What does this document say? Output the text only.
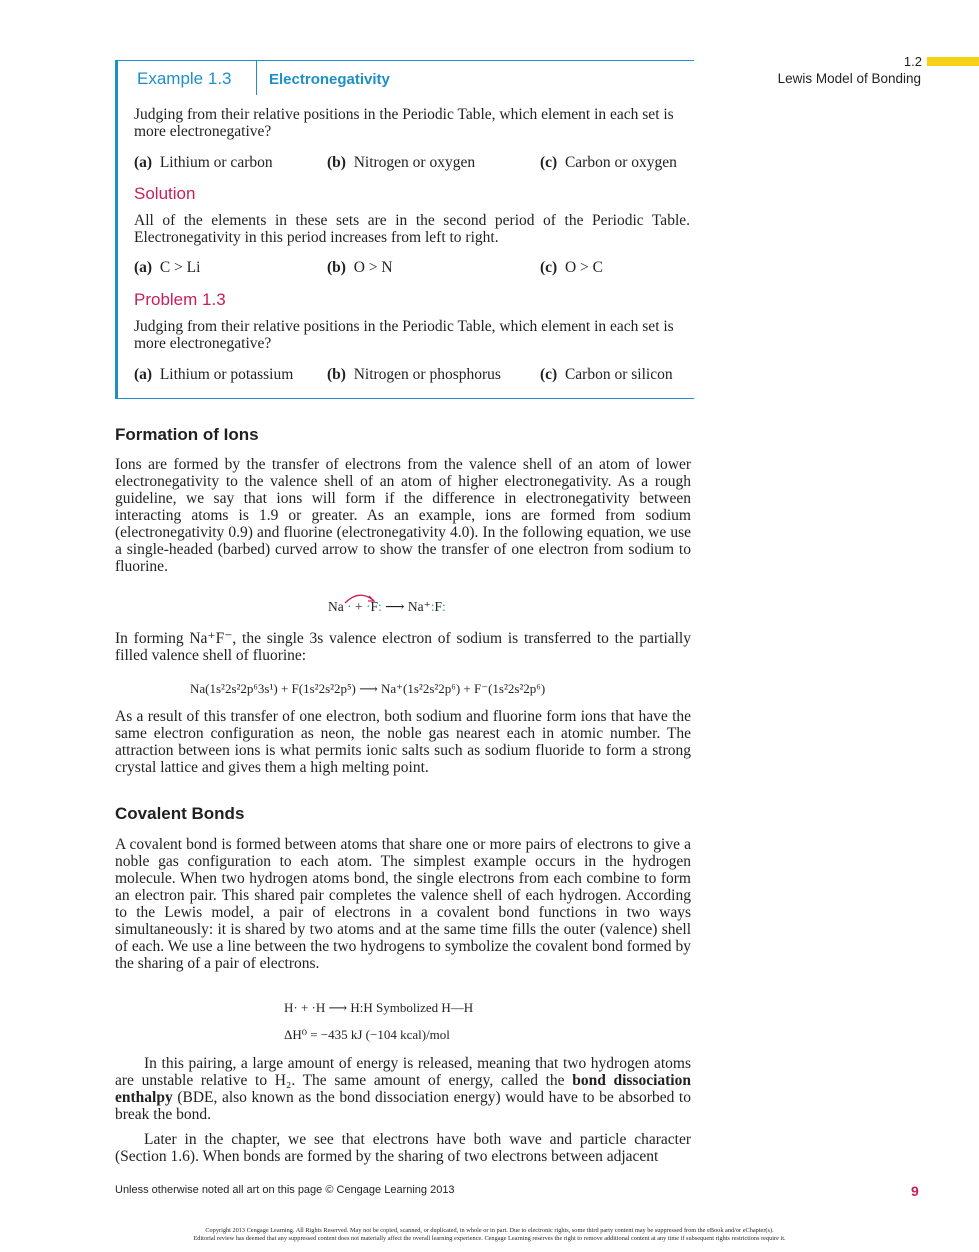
1.2
Lewis Model of Bonding
Example 1.3	Electronegativity
Judging from their relative positions in the Periodic Table, which element in each set is more electronegative?
(a) Lithium or carbon	(b) Nitrogen or oxygen	(c) Carbon or oxygen
Solution
All of the elements in these sets are in the second period of the Periodic Table. Electronegativity in this period increases from left to right.
(a) C > Li	(b) O > N	(c) O > C
Problem 1.3
Judging from their relative positions in the Periodic Table, which element in each set is more electronegative?
(a) Lithium or potassium (b) Nitrogen or phosphorus	(c) Carbon or silicon
Formation of Ions
Ions are formed by the transfer of electrons from the valence shell of an atom of lower electronegativity to the valence shell of an atom of higher electronegativity. As a rough guideline, we say that ions will form if the difference in electronegativity between interacting atoms is 1.9 or greater. As an example, ions are formed from sodium (electronegativity 0.9) and fluorine (electronegativity 4.0). In the following equation, we use a single-headed (barbed) curved arrow to show the transfer of one electron from sodium to fluorine.
Na · + ·F: ⟶ Na⁺:F:
In forming Na⁺F⁻, the single 3s valence electron of sodium is transferred to the partially filled valence shell of fluorine:
Na(1s²2s²2p⁶3s¹) + F(1s²2s²2p⁵) ⟶ Na⁺(1s²2s²2p⁶) + F⁻(1s²2s²2p⁶)
As a result of this transfer of one electron, both sodium and fluorine form ions that have the same electron configuration as neon, the noble gas nearest each in atomic number. The attraction between ions is what permits ionic salts such as sodium fluoride to form a strong crystal lattice and gives them a high melting point.
Covalent Bonds
A covalent bond is formed between atoms that share one or more pairs of electrons to give a noble gas configuration to each atom. The simplest example occurs in the hydrogen molecule. When two hydrogen atoms bond, the single electrons from each combine to form an electron pair. This shared pair completes the valence shell of each hydrogen. According to the Lewis model, a pair of electrons in a covalent bond functions in two ways simultaneously: it is shared by two atoms and at the same time fills the outer (valence) shell of each. We use a line between the two hydrogens to symbolize the covalent bond formed by the sharing of a pair of electrons.
H· + ·H ⟶ H:H Symbolized H—H
ΔH⁰ = −435 kJ (−104 kcal)/mol
In this pairing, a large amount of energy is released, meaning that two hydrogen atoms are unstable relative to H₂. The same amount of energy, called the bond dissociation enthalpy (BDE, also known as the bond dissociation energy) would have to be absorbed to break the bond.
Later in the chapter, we see that electrons have both wave and particle character (Section 1.6). When bonds are formed by the sharing of two electrons between adjacent
Unless otherwise noted all art on this page © Cengage Learning 2013	9
Copyright 2013 Cengage Learning. All Rights Reserved. May not be copied, scanned, or duplicated, in whole or in part. Due to electronic rights, some third party content may be suppressed from the eBook and/or eChapter(s).
Editorial review has deemed that any suppressed content does not materially affect the overall learning experience. Cengage Learning reserves the right to remove additional content at any time if subsequent rights restrictions require it.
